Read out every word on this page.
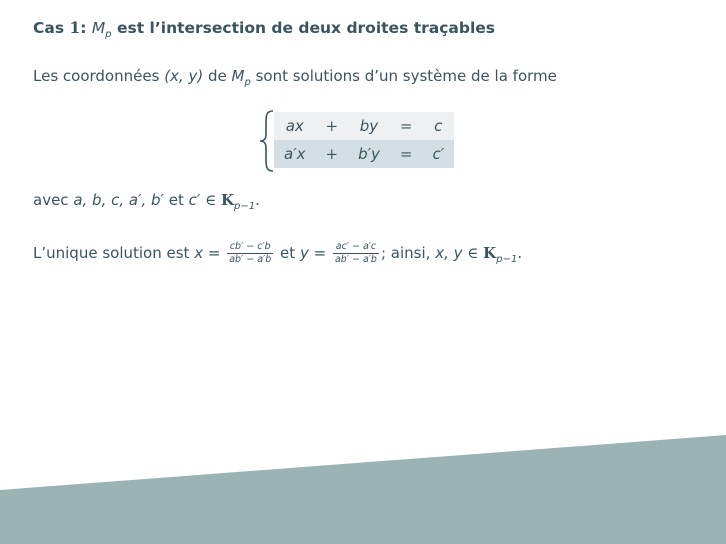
Cas 1: $M_p$ est l’intersection de deux droites traçables
Les coordonnées (x, y) de $M_p$ sont solutions d’un système de la forme
ax	+	by	=	c
a′x	+	b′y	=	c′
avec a, b, c, a′, b′ et c′ ∈ $K_{p-1}$.
L’unique solution est $x = \frac{cb' - c'b}{ab' - a'b}$ et $y = \frac{ac' - a'c}{ab' - a'b}$ ; ainsi, x, y ∈ $K_{p-1}$.
